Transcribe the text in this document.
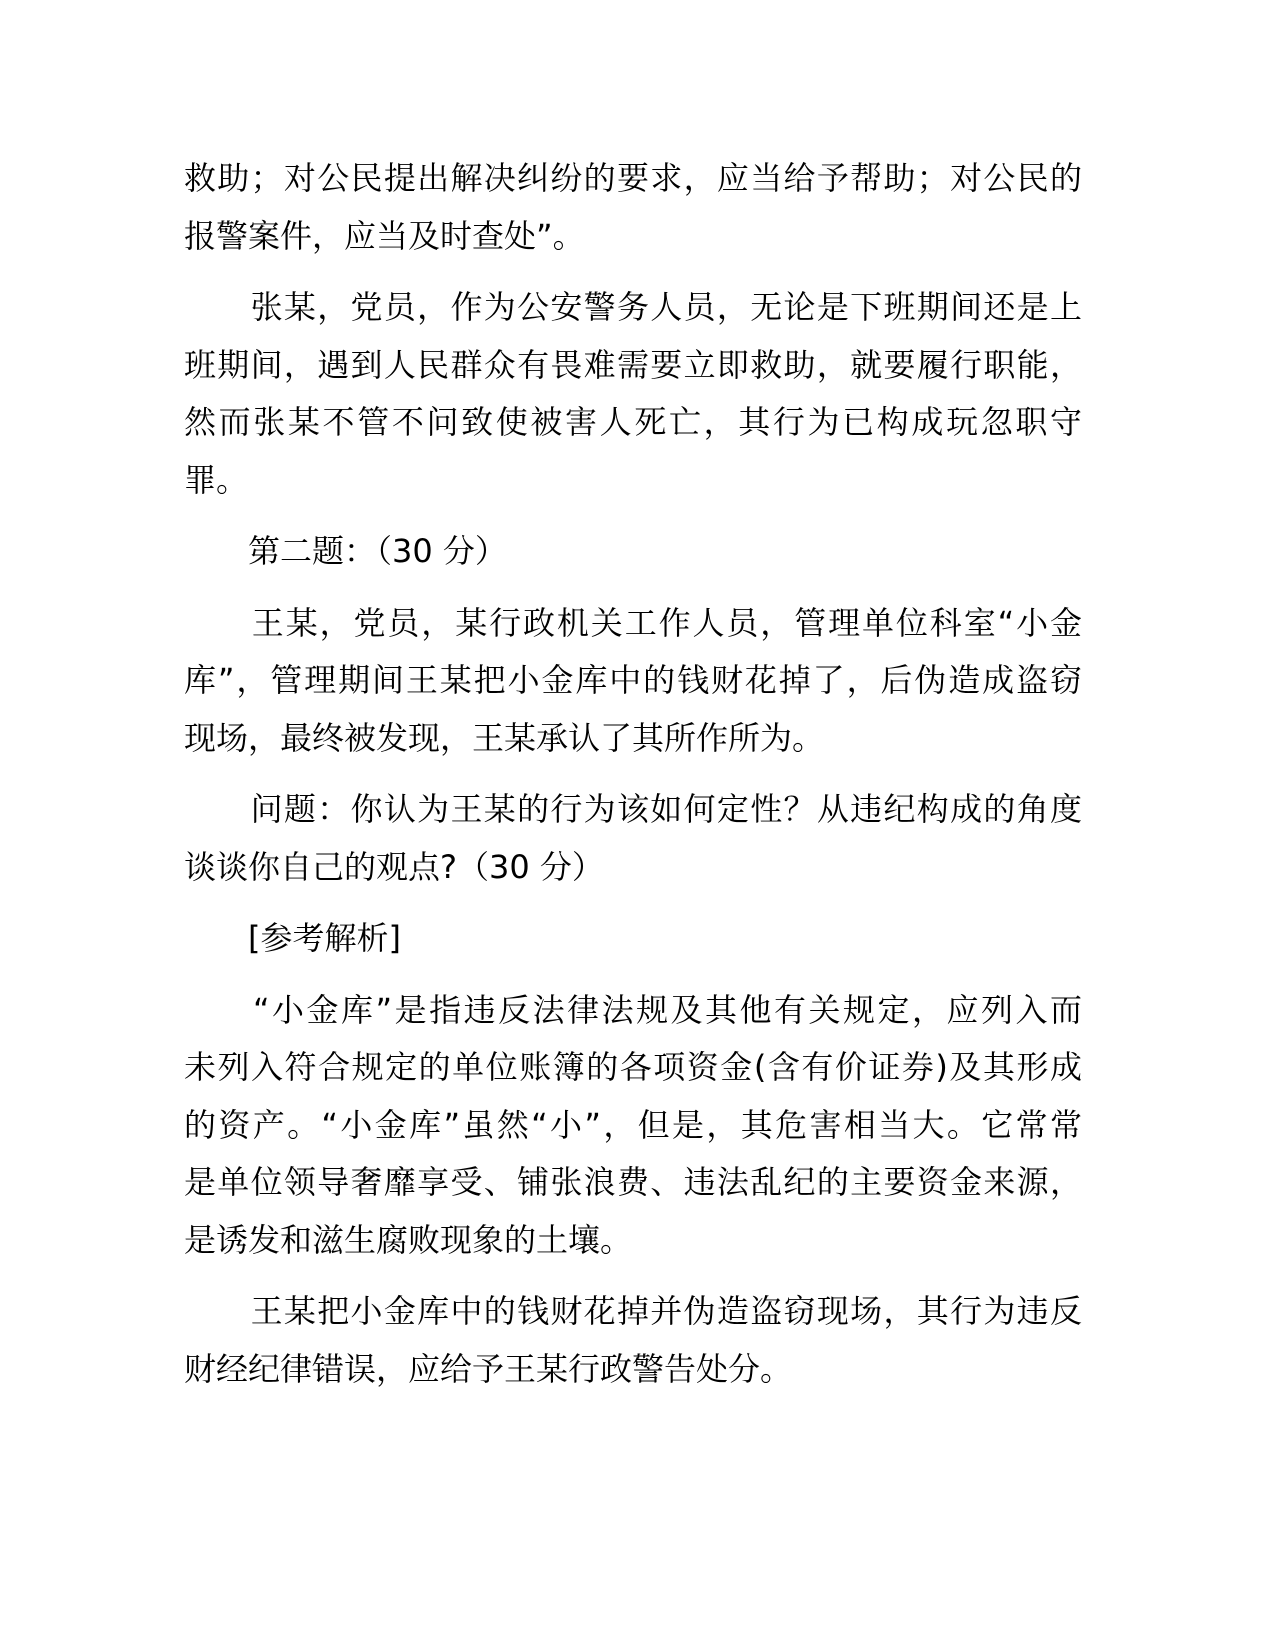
救助；对公民提出解决纠纷的要求，应当给予帮助；对公民的
报警案件，应当及时查处”。
　　张某，党员，作为公安警务人员，无论是下班期间还是上
班期间，遇到人民群众有畏难需要立即救助，就要履行职能，
然而张某不管不问致使被害人死亡，其行为已构成玩忽职守
罪。
　　第二题：（30 分）
　　王某，党员，某行政机关工作人员，管理单位科室“小金
库”，管理期间王某把小金库中的钱财花掉了，后伪造成盗窃
现场，最终被发现，王某承认了其所作所为。
　　问题：你认为王某的行为该如何定性？从违纪构成的角度
谈谈你自己的观点?（30 分）
　　[参考解析]
　　“小金库”是指违反法律法规及其他有关规定，应列入而
未列入符合规定的单位账簿的各项资金(含有价证券)及其形成
的资产。“小金库”虽然“小”，但是，其危害相当大。它常常
是单位领导奢靡享受、铺张浪费、违法乱纪的主要资金来源，
是诱发和滋生腐败现象的土壤。
　　王某把小金库中的钱财花掉并伪造盗窃现场，其行为违反
财经纪律错误，应给予王某行政警告处分。
